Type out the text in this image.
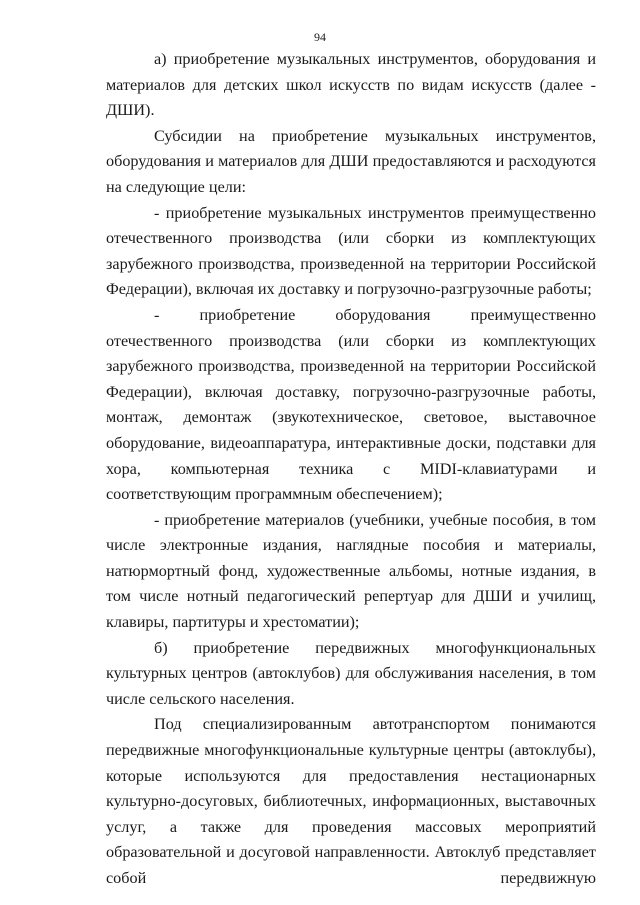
94

а) приобретение музыкальных инструментов, оборудования и материалов для детских школ искусств по видам искусств (далее - ДШИ).

Субсидии на приобретение музыкальных инструментов, оборудования и материалов для ДШИ предоставляются и расходуются на следующие цели:

- приобретение музыкальных инструментов преимущественно отечественного производства (или сборки из комплектующих зарубежного производства, произведенной на территории Российской Федерации), включая их доставку и погрузочно-разгрузочные работы;

- приобретение оборудования преимущественно отечественного производства (или сборки из комплектующих зарубежного производства, произведенной на территории Российской Федерации), включая доставку, погрузочно-разгрузочные работы, монтаж, демонтаж (звукотехническое, световое, выставочное оборудование, видеоаппаратура, интерактивные доски, подставки для хора, компьютерная техника с MIDI-клавиатурами и соответствующим программным обеспечением);

- приобретение материалов (учебники, учебные пособия, в том числе электронные издания, наглядные пособия и материалы, натюрмортный фонд, художественные альбомы, нотные издания, в том числе нотный педагогический репертуар для ДШИ и училищ, клавиры, партитуры и хрестоматии);

б) приобретение передвижных многофункциональных культурных центров (автоклубов) для обслуживания населения, в том числе сельского населения.

Под специализированным автотранспортом понимаются передвижные многофункциональные культурные центры (автоклубы), которые используются для предоставления нестационарных культурно-досуговых, библиотечных, информационных, выставочных услуг, а также для проведения массовых мероприятий образовательной и досуговой направленности. Автоклуб представляет собой передвижную
